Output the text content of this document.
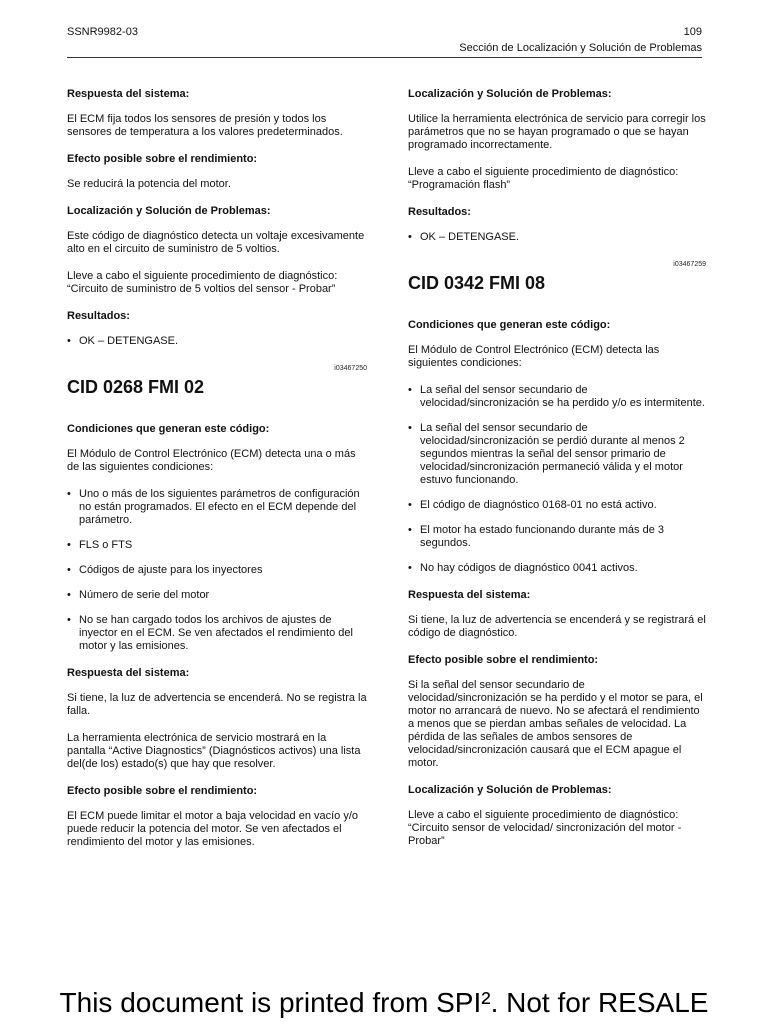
SSNR9982-03	109
Sección de Localización y Solución de Problemas
Respuesta del sistema:
El ECM fija todos los sensores de presión y todos los sensores de temperatura a los valores predeterminados.
Efecto posible sobre el rendimiento:
Se reducirá la potencia del motor.
Localización y Solución de Problemas:
Este código de diagnóstico detecta un voltaje excesivamente alto en el circuito de suministro de 5 voltios.
Lleve a cabo el siguiente procedimiento de diagnóstico: “Circuito de suministro de 5 voltios del sensor - Probar”
Resultados:
• OK – DETENGASE.
i03467250
CID 0268 FMI 02
Condiciones que generan este código:
El Módulo de Control Electrónico (ECM) detecta una o más de las siguientes condiciones:
• Uno o más de los siguientes parámetros de configuración no están programados. El efecto en el ECM depende del parámetro.
• FLS o FTS
• Códigos de ajuste para los inyectores
• Número de serie del motor
• No se han cargado todos los archivos de ajustes de inyector en el ECM. Se ven afectados el rendimiento del motor y las emisiones.
Respuesta del sistema:
Si tiene, la luz de advertencia se encenderá. No se registra la falla.
La herramienta electrónica de servicio mostrará en la pantalla “Active Diagnostics” (Diagnósticos activos) una lista del(de los) estado(s) que hay que resolver.
Efecto posible sobre el rendimiento:
El ECM puede limitar el motor a baja velocidad en vacío y/o puede reducir la potencia del motor. Se ven afectados el rendimiento del motor y las emisiones.
Localización y Solución de Problemas:
Utilice la herramienta electrónica de servicio para corregir los parámetros que no se hayan programado o que se hayan programado incorrectamente.
Lleve a cabo el siguiente procedimiento de diagnóstico: “Programación flash”
Resultados:
• OK – DETENGASE.
i03467259
CID 0342 FMI 08
Condiciones que generan este código:
El Módulo de Control Electrónico (ECM) detecta las siguientes condiciones:
• La señal del sensor secundario de velocidad/sincronización se ha perdido y/o es intermitente.
• La señal del sensor secundario de velocidad/sincronización se perdió durante al menos 2 segundos mientras la señal del sensor primario de velocidad/sincronización permaneció válida y el motor estuvo funcionando.
• El código de diagnóstico 0168-01 no está activo.
• El motor ha estado funcionando durante más de 3 segundos.
• No hay códigos de diagnóstico 0041 activos.
Respuesta del sistema:
Si tiene, la luz de advertencia se encenderá y se registrará el código de diagnóstico.
Efecto posible sobre el rendimiento:
Si la señal del sensor secundario de velocidad/sincronización se ha perdido y el motor se para, el motor no arrancará de nuevo. No se afectará el rendimiento a menos que se pierdan ambas señales de velocidad. La pérdida de las señales de ambos sensores de velocidad/sincronización causará que el ECM apague el motor.
Localización y Solución de Problemas:
Lleve a cabo el siguiente procedimiento de diagnóstico: “Circuito sensor de velocidad/ sincronización del motor - Probar”
This document is printed from SPI². Not for RESALE
